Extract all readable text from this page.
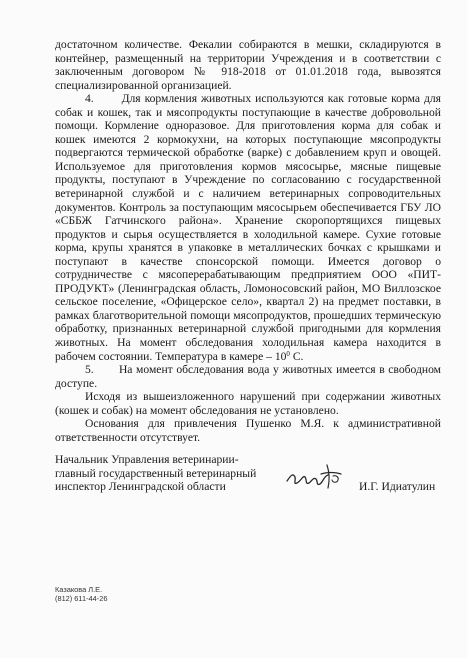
достаточном количестве. Фекалии собираются в мешки, складируются в контейнер, размещенный на территории Учреждения и в соответствии с заключенным договором № 918-2018 от 01.01.2018 года, вывозятся специализированной организацией.

4. Для кормления животных используются как готовые корма для собак и кошек, так и мясопродукты поступающие в качестве добровольной помощи. Кормление одноразовое. Для приготовления корма для собак и кошек имеются 2 кормокухни, на которых поступающие мясопродукты подвергаются термической обработке (варке) с добавлением круп и овощей. Используемое для приготовления кормов мясосырье, мясные пищевые продукты, поступают в Учреждение по согласованию с государственной ветеринарной службой и с наличием ветеринарных сопроводительных документов. Контроль за поступающим мясосырьем обеспечивается ГБУ ЛО «СББЖ Гатчинского района». Хранение скоропортящихся пищевых продуктов и сырья осуществляется в холодильной камере. Сухие готовые корма, крупы хранятся в упаковке в металлических бочках с крышками и поступают в качестве спонсорской помощи. Имеется договор о сотрудничестве с мясоперерабатывающим предприятием ООО «ПИТ-ПРОДУКТ» (Ленинградская область, Ломоносовский район, МО Виллозское сельское поселение, «Офицерское село», квартал 2) на предмет поставки, в рамках благотворительной помощи мясопродуктов, прошедших термическую обработку, признанных ветеринарной службой пригодными для кормления животных. На момент обследования холодильная камера находится в рабочем состоянии. Температура в камере – $10^0$ С.

5. На момент обследования вода у животных имеется в свободном доступе.

Исходя из вышеизложенного нарушений при содержании животных (кошек и собак) на момент обследования не установлено.

Основания для привлечения Пушенко М.Я. к административной ответственности отсутствует.

Начальник Управления ветеринарии-
главный государственный ветеринарный
инспектор Ленинградской области	И.Г. Идиатулин
Казакова Л.Е.
(812) 611-44-26
